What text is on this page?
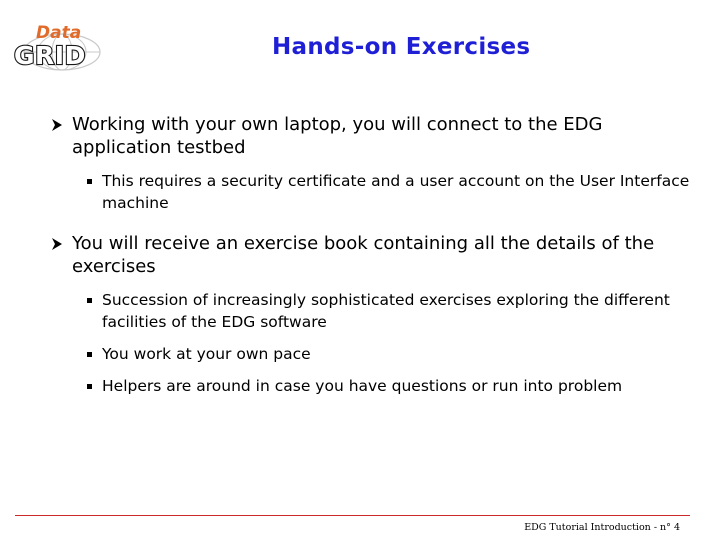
Data
GRID	Hands-on Exercises
Working with your own laptop, you will connect to the EDG application testbed
This requires a security certificate and a user account on the User Interface machine
You will receive an exercise book containing all the details of the exercises
Succession of increasingly sophisticated exercises exploring the different facilities of the EDG software
You work at your own pace
Helpers are around in case you have questions or run into problem
EDG Tutorial Introduction - n° 4
